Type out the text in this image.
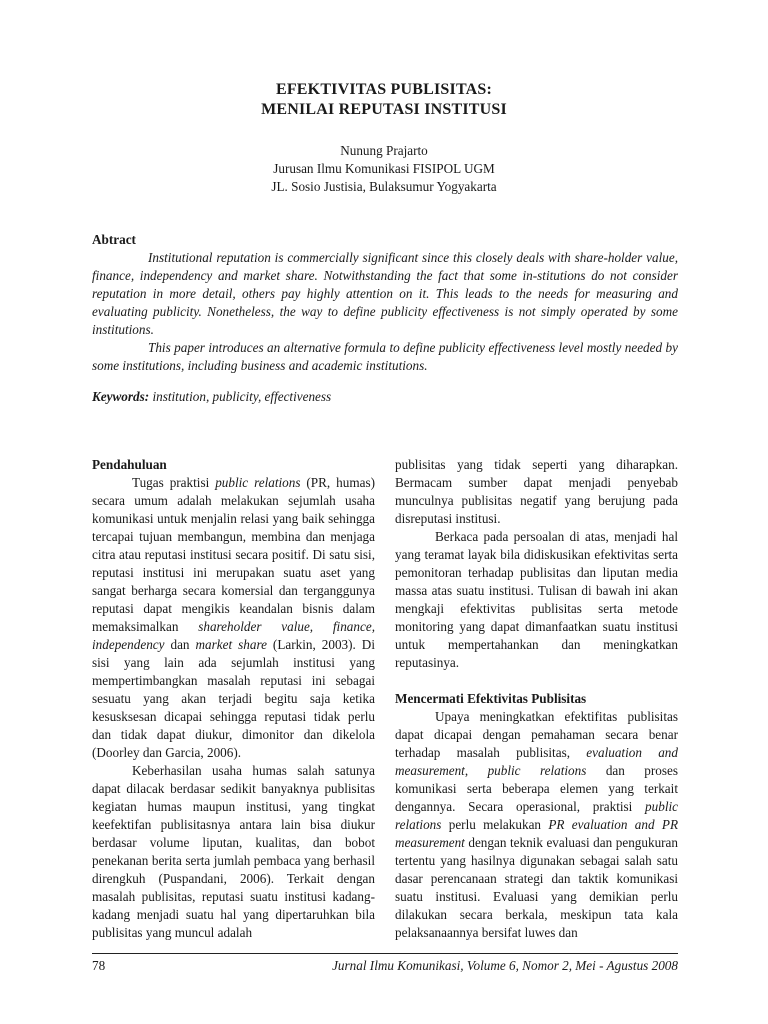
EFEKTIVITAS PUBLISITAS:
MENILAI REPUTASI INSTITUSI
Nunung Prajarto
Jurusan Ilmu Komunikasi FISIPOL UGM
JL. Sosio Justisia, Bulaksumur Yogyakarta
Abtract

Institutional reputation is commercially significant since this closely deals with share-holder value, finance, independency and market share. Notwithstanding the fact that some in-stitutions do not consider reputation in more detail, others pay highly attention on it. This leads to the needs for measuring and evaluating publicity. Nonetheless, the way to define publicity effectiveness is not simply operated by some institutions.

This paper introduces an alternative formula to define publicity effectiveness level mostly needed by some institutions, including business and academic institutions.

Keywords: institution, publicity, effectiveness
Pendahuluan

Tugas praktisi public relations (PR, humas) secara umum adalah melakukan sejumlah usaha komunikasi untuk menjalin relasi yang baik sehingga tercapai tujuan membangun, membina dan menjaga citra atau reputasi institusi secara positif. Di satu sisi, reputasi institusi ini merupakan suatu aset yang sangat berharga secara komersial dan terganggunya reputasi dapat mengikis keandalan bisnis dalam memaksimalkan shareholder value, finance, independency dan market share (Larkin, 2003). Di sisi yang lain ada sejumlah institusi yang mempertimbangkan masalah reputasi ini sebagai sesuatu yang akan terjadi begitu saja ketika kesusksesan dicapai sehingga reputasi tidak perlu dan tidak dapat diukur, dimonitor dan dikelola (Doorley dan Garcia, 2006).

Keberhasilan usaha humas salah satunya dapat dilacak berdasar sedikit banyaknya publisitas kegiatan humas maupun institusi, yang tingkat keefektifan publisitasnya antara lain bisa diukur berdasar volume liputan, kualitas, dan bobot penekanan berita serta jumlah pembaca yang berhasil direngkuh (Puspandani, 2006). Terkait dengan masalah publisitas, reputasi suatu institusi kadang-kadang menjadi suatu hal yang dipertaruhkan bila publisitas yang muncul adalah

publisitas yang tidak seperti yang diharapkan. Bermacam sumber dapat menjadi penyebab munculnya publisitas negatif yang berujung pada disreputasi institusi.

Berkaca pada persoalan di atas, menjadi hal yang teramat layak bila didiskusikan efektivitas serta pemonitoran terhadap publisitas dan liputan media massa atas suatu institusi. Tulisan di bawah ini akan mengkaji efektivitas publisitas serta metode monitoring yang dapat dimanfaatkan suatu institusi untuk mempertahankan dan meningkatkan reputasinya.

Mencermati Efektivitas Publisitas

Upaya meningkatkan efektifitas publisitas dapat dicapai dengan pemahaman secara benar terhadap masalah publisitas, evaluation and measurement, public relations dan proses komunikasi serta beberapa elemen yang terkait dengannya. Secara operasional, praktisi public relations perlu melakukan PR evaluation and PR measurement dengan teknik evaluasi dan pengukuran tertentu yang hasilnya digunakan sebagai salah satu dasar perencanaan strategi dan taktik komunikasi suatu institusi. Evaluasi yang demikian perlu dilakukan secara berkala, meskipun tata kala pelaksanaannya bersifat luwes dan

78	Jurnal Ilmu Komunikasi, Volume 6, Nomor 2, Mei - Agustus 2008
